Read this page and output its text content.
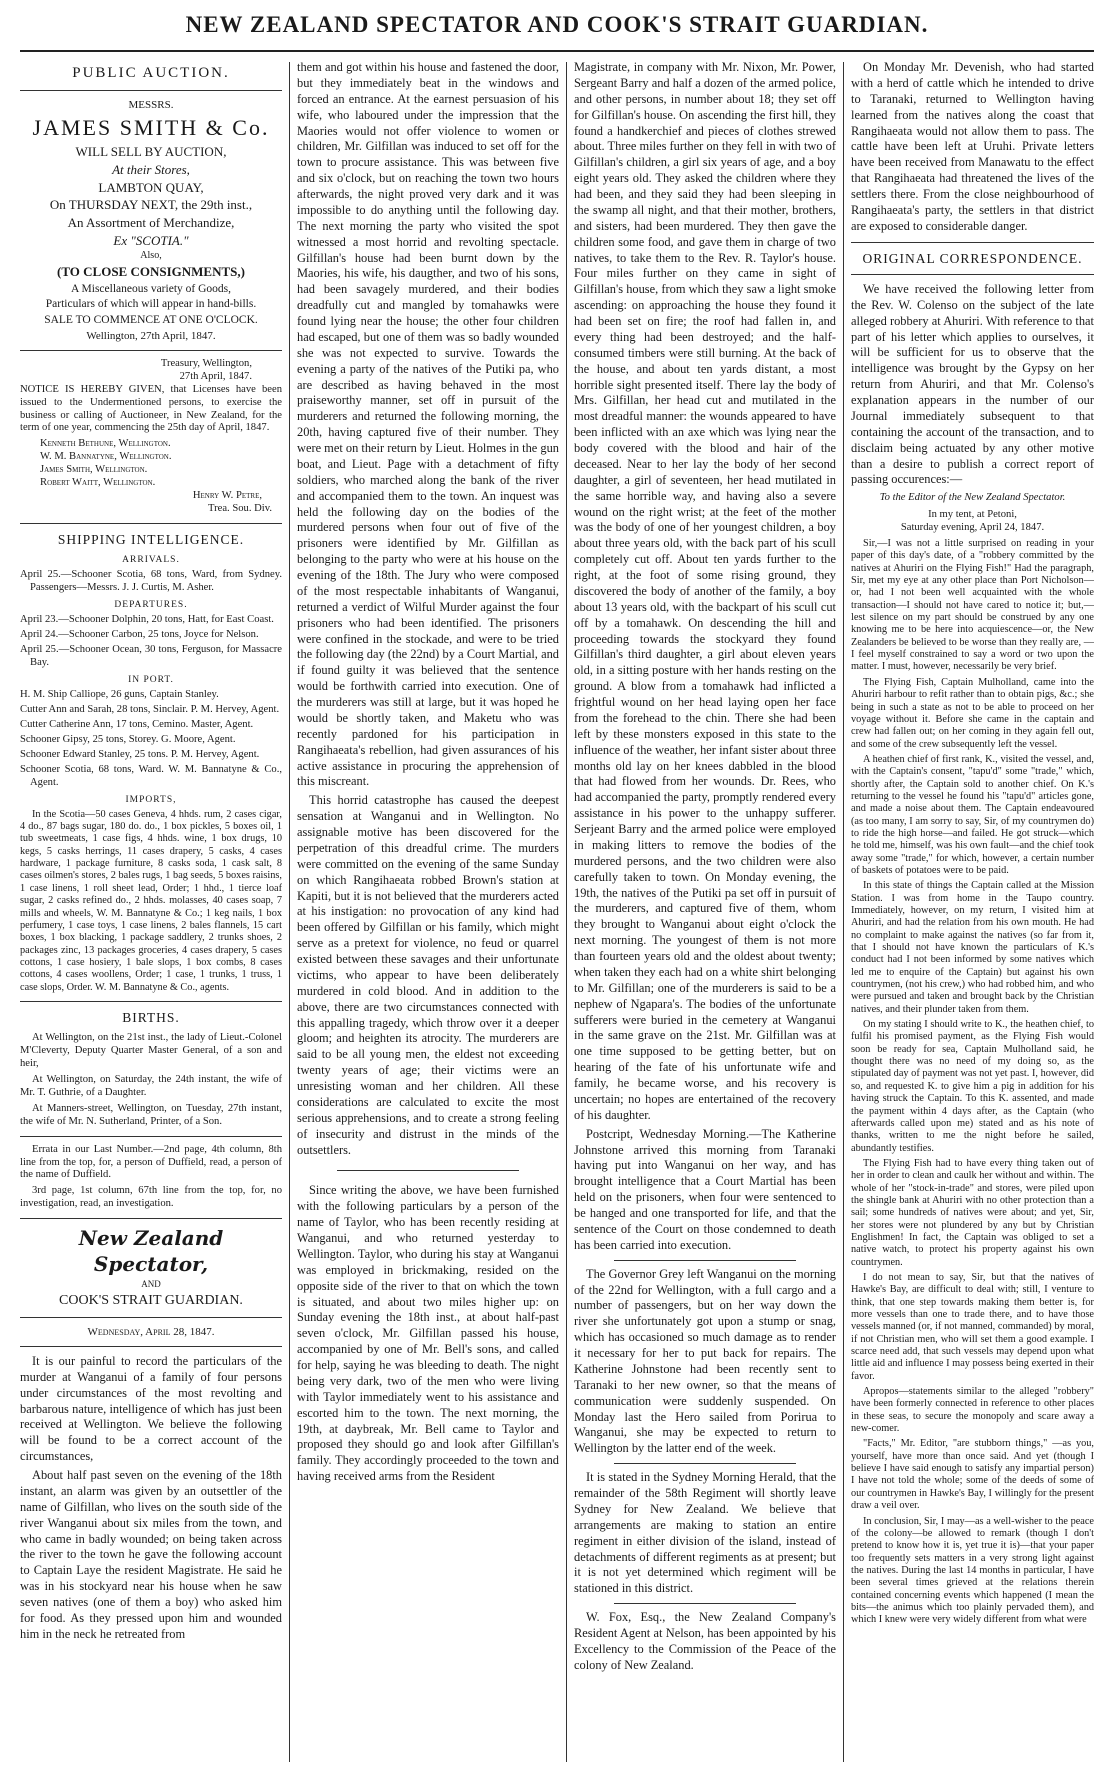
NEW ZEALAND SPECTATOR AND COOK'S STRAIT GUARDIAN.
PUBLIC AUCTION.
MESSRS.
JAMES SMITH & Co.
WILL SELL BY AUCTION,
At their Stores,
LAMBTON QUAY,
On THURSDAY NEXT, the 29th inst.,
An Assortment of Merchandize,
Ex "SCOTIA."
Also,
(TO CLOSE CONSIGNMENTS,)
A Miscellaneous variety of Goods,
Particulars of which will appear in hand-bills.
SALE TO COMMENCE AT ONE O'CLOCK.
Wellington, 27th April, 1847.
Treasury, Wellington,
27th April, 1847.

NOTICE IS HEREBY GIVEN, that Licenses have been issued to the Undermentioned persons, to exercise the business or calling of Auctioneer, in New Zealand, for the term of one year, commencing the 25th day of April, 1847.

Kenneth Bethune, Wellington.
W. M. Bannatyne, Wellington.
James Smith, Wellington.
Robert Waitt, Wellington.
Henry W. Petre,
Trea. Sou. Div.
SHIPPING INTELLIGENCE.
ARRIVALS.
April 25.—Schooner Scotia, 68 tons, Ward, from Sydney. Passengers—Messrs. J. J. Curtis, M. Asher.
DEPARTURES.
April 23.—Schooner Dolphin, 20 tons, Hatt, for East Coast.
April 24.—Schooner Carbon, 25 tons, Joyce for Nelson.
April 25.—Schooner Ocean, 30 tons, Ferguson, for Massacre Bay.
IN PORT.
H. M. Ship Calliope, 26 guns, Captain Stanley.
Cutter Ann and Sarah, 28 tons, Sinclair. P. M. Hervey, Agent.
Cutter Catherine Ann, 17 tons, Cemino. Master, Agent.
Schooner Gipsy, 25 tons, Storey. G. Moore, Agent.
Schooner Edward Stanley, 25 tons. P. M. Hervey, Agent.
Schooner Scotia, 68 tons, Ward. W. M. Bannatyne & Co., Agent.
IMPORTS,

In the Scotia—50 cases Geneva, 4 hhds. rum, 2 cases cigar, 4 do., 87 bags sugar, 180 do. do., 1 box pickles, 5 boxes oil, 1 tub sweetmeats, 1 case figs, 4 hhds. wine, 1 box drugs, 10 kegs, 5 casks herrings, 11 cases drapery, 5 casks, 4 cases hardware, 1 package furniture, 8 casks soda, 1 cask salt, 8 cases oilmen's stores, 2 bales rugs, 1 bag seeds, 5 boxes raisins, 1 case linens, 1 roll sheet lead, Order; 1 hhd., 1 tierce loaf sugar, 2 casks refined do., 2 hhds. molasses, 40 cases soap, 7 mills and wheels, W. M. Bannatyne & Co.; 1 keg nails, 1 box perfumery, 1 case toys, 1 case linens, 2 bales flannels, 15 cart boxes, 1 box blacking, 1 package saddlery, 2 trunks shoes, 2 packages zinc, 13 packages groceries, 4 cases drapery, 5 cases cottons, 1 case hosiery, 1 bale slops, 1 box combs, 8 cases cottons, 4 cases woollens, Order; 1 case, 1 trunks, 1 truss, 1 case slops, Order. W. M. Bannatyne & Co., agents.

BIRTHS.

At Wellington, on the 21st inst., the lady of Lieut.-Colonel M'Cleverty, Deputy Quarter Master General, of a son and heir,

At Wellington, on Saturday, the 24th instant, the wife of Mr. T. Guthrie, of a Daughter.

At Manners-street, Wellington, on Tuesday, 27th instant, the wife of Mr. N. Sutherland, Printer, of a Son.

Errata in our Last Number.—2nd page, 4th column, 8th line from the top, for, a person of Duffield, read, a person of the name of Duffield.

3rd page, 1st column, 67th line from the top, for, no investigation, read, an investigation.

New Zealand Spectator,
AND
COOK'S STRAIT GUARDIAN.
Wednesday, April 28, 1847.

It is our painful to record the particulars of the murder at Wanganui of a family of four persons under circumstances of the most revolting and barbarous nature, intelligence of which has just been received at Wellington. We believe the following will be found to be a correct account of the circumstances,

About half past seven on the evening of the 18th instant, an alarm was given by an outsettler of the name of Gilfillan, who lives on the south side of the river Wanganui about six miles from the town, and who came in badly wounded; on being taken across the river to the town he gave the following account to Captain Laye the resident Magistrate. He said he was in his stockyard near his house when he saw seven natives (one of them a boy) who asked him for food. As they pressed upon him and wounded him in the neck he retreated from

them and got within his house and fastened the door, but they immediately beat in the windows and forced an entrance. At the earnest persuasion of his wife, who laboured under the impression that the Maories would not offer violence to women or children, Mr. Gilfillan was induced to set off for the town to procure assistance. This was between five and six o'clock, but on reaching the town two hours afterwards, the night proved very dark and it was impossible to do anything until the following day. The next morning the party who visited the spot witnessed a most horrid and revolting spectacle. Gilfillan's house had been burnt down by the Maories, his wife, his daugther, and two of his sons, had been savagely murdered, and their bodies dreadfully cut and mangled by tomahawks were found lying near the house; the other four children had escaped, but one of them was so badly wounded she was not expected to survive. Towards the evening a party of the natives of the Putiki pa, who are described as having behaved in the most praiseworthy manner, set off in pursuit of the murderers and returned the following morning, the 20th, having captured five of their number. They were met on their return by Lieut. Holmes in the gun boat, and Lieut. Page with a detachment of fifty soldiers, who marched along the bank of the river and accompanied them to the town. An inquest was held the following day on the bodies of the murdered persons when four out of five of the prisoners were identified by Mr. Gilfillan as belonging to the party who were at his house on the evening of the 18th. The Jury who were composed of the most respectable inhabitants of Wanganui, returned a verdict of Wilful Murder against the four prisoners who had been identified. The prisoners were confined in the stockade, and were to be tried the following day (the 22nd) by a Court Martial, and if found guilty it was believed that the sentence would be forthwith carried into execution. One of the murderers was still at large, but it was hoped he would be shortly taken, and Maketu who was recently pardoned for his participation in Rangihaeata's rebellion, had given assurances of his active assistance in procuring the apprehension of this miscreant.

This horrid catastrophe has caused the deepest sensation at Wanganui and in Wellington. No assignable motive has been discovered for the perpetration of this dreadful crime. The murders were committed on the evening of the same Sunday on which Rangihaeata robbed Brown's station at Kapiti, but it is not believed that the murderers acted at his instigation: no provocation of any kind had been offered by Gilfillan or his family, which might serve as a pretext for violence, no feud or quarrel existed between these savages and their unfortunate victims, who appear to have been deliberately murdered in cold blood. And in addition to the above, there are two circumstances connected with this appalling tragedy, which throw over it a deeper gloom; and heighten its atrocity. The murderers are said to be all young men, the eldest not exceeding twenty years of age; their victims were an unresisting woman and her children. All these considerations are calculated to excite the most serious apprehensions, and to create a strong feeling of insecurity and distrust in the minds of the outsettlers.

Since writing the above, we have been furnished with the following particulars by a person of the name of Taylor, who has been recently residing at Wanganui, and who returned yesterday to Wellington. Taylor, who during his stay at Wanganui was employed in brickmaking, resided on the opposite side of the river to that on which the town is situated, and about two miles higher up: on Sunday evening the 18th inst., at about half-past seven o'clock, Mr. Gilfillan passed his house, accompanied by one of Mr. Bell's sons, and called for help, saying he was bleeding to death. The night being very dark, two of the men who were living with Taylor immediately went to his assistance and escorted him to the town. The next morning, the 19th, at daybreak, Mr. Bell came to Taylor and proposed they should go and look after Gilfillan's family. They accordingly proceeded to the town and having received arms from the Resident

Magistrate, in company with Mr. Nixon, Mr. Power, Sergeant Barry and half a dozen of the armed police, and other persons, in number about 18; they set off for Gilfillan's house. On ascending the first hill, they found a handkerchief and pieces of clothes strewed about. Three miles further on they fell in with two of Gilfillan's children, a girl six years of age, and a boy eight years old. They asked the children where they had been, and they said they had been sleeping in the swamp all night, and that their mother, brothers, and sisters, had been murdered. They then gave the children some food, and gave them in charge of two natives, to take them to the Rev. R. Taylor's house. Four miles further on they came in sight of Gilfillan's house, from which they saw a light smoke ascending: on approaching the house they found it had been set on fire; the roof had fallen in, and every thing had been destroyed; and the half-consumed timbers were still burning. At the back of the house, and about ten yards distant, a most horrible sight presented itself. There lay the body of Mrs. Gilfillan, her head cut and mutilated in the most dreadful manner: the wounds appeared to have been inflicted with an axe which was lying near the body covered with the blood and hair of the deceased. Near to her lay the body of her second daughter, a girl of seventeen, her head mutilated in the same horrible way, and having also a severe wound on the right wrist; at the feet of the mother was the body of one of her youngest children, a boy about three years old, with the back part of his scull completely cut off. About ten yards further to the right, at the foot of some rising ground, they discovered the body of another of the family, a boy about 13 years old, with the backpart of his scull cut off by a tomahawk. On descending the hill and proceeding towards the stockyard they found Gilfillan's third daughter, a girl about eleven years old, in a sitting posture with her hands resting on the ground. A blow from a tomahawk had inflicted a frightful wound on her head laying open her face from the forehead to the chin. There she had been left by these monsters exposed in this state to the influence of the weather, her infant sister about three months old lay on her knees dabbled in the blood that had flowed from her wounds. Dr. Rees, who had accompanied the party, promptly rendered every assistance in his power to the unhappy sufferer. Serjeant Barry and the armed police were employed in making litters to remove the bodies of the murdered persons, and the two children were also carefully taken to town. On Monday evening, the 19th, the natives of the Putiki pa set off in pursuit of the murderers, and captured five of them, whom they brought to Wanganui about eight o'clock the next morning. The youngest of them is not more than fourteen years old and the oldest about twenty; when taken they each had on a white shirt belonging to Mr. Gilfillan; one of the murderers is said to be a nephew of Ngapara's. The bodies of the unfortunate sufferers were buried in the cemetery at Wanganui in the same grave on the 21st. Mr. Gilfillan was at one time supposed to be getting better, but on hearing of the fate of his unfortunate wife and family, he became worse, and his recovery is uncertain; no hopes are entertained of the recovery of his daughter.

Postcript, Wednesday Morning.—The Katherine Johnstone arrived this morning from Taranaki having put into Wanganui on her way, and has brought intelligence that a Court Martial has been held on the prisoners, when four were sentenced to be hanged and one transported for life, and that the sentence of the Court on those condemned to death has been carried into execution.

The Governor Grey left Wanganui on the morning of the 22nd for Wellington, with a full cargo and a number of passengers, but on her way down the river she unfortunately got upon a stump or snag, which has occasioned so much damage as to render it necessary for her to put back for repairs. The Katherine Johnstone had been recently sent to Taranaki to her new owner, so that the means of communication were suddenly suspended. On Monday last the Hero sailed from Porirua to Wanganui, she may be expected to return to Wellington by the latter end of the week.

It is stated in the Sydney Morning Herald, that the remainder of the 58th Regiment will shortly leave Sydney for New Zealand. We believe that arrangements are making to station an entire regiment in either division of the island, instead of detachments of different regiments as at present; but it is not yet determined which regiment will be stationed in this district.

W. Fox, Esq., the New Zealand Company's Resident Agent at Nelson, has been appointed by his Excellency to the Commission of the Peace of the colony of New Zealand.

On Monday Mr. Devenish, who had started with a herd of cattle which he intended to drive to Taranaki, returned to Wellington having learned from the natives along the coast that Rangihaeata would not allow them to pass. The cattle have been left at Uruhi. Private letters have been received from Manawatu to the effect that Rangihaeata had threatened the lives of the settlers there. From the close neighbourhood of Rangihaeata's party, the settlers in that district are exposed to considerable danger.

ORIGINAL CORRESPONDENCE.

We have received the following letter from the Rev. W. Colenso on the subject of the late alleged robbery at Ahuriri. With reference to that part of his letter which applies to ourselves, it will be sufficient for us to observe that the intelligence was brought by the Gypsy on her return from Ahuriri, and that Mr. Colenso's explanation appears in the number of our Journal immediately subsequent to that containing the account of the transaction, and to disclaim being actuated by any other motive than a desire to publish a correct report of passing occurences:—

To the Editor of the New Zealand Spectator.
In my tent, at Petoni,
Saturday evening, April 24, 1847.

Sir,—I was not a little surprised on reading in your paper of this day's date, of a "robbery committed by the natives at Ahuriri on the Flying Fish!" Had the paragraph, Sir, met my eye at any other place than Port Nicholson—or, had I not been well acquainted with the whole transaction—I should not have cared to notice it; but,—lest silence on my part should be construed by any one knowing me to be here into acquiescence—or, the New Zealanders be believed to be worse than they really are, —I feel myself constrained to say a word or two upon the matter. I must, however, necessarily be very brief.

The Flying Fish, Captain Mulholland, came into the Ahuriri harbour to refit rather than to obtain pigs, &c.; she being in such a state as not to be able to proceed on her voyage without it. Before she came in the captain and crew had fallen out; on her coming in they again fell out, and some of the crew subsequently left the vessel.

A heathen chief of first rank, K., visited the vessel, and, with the Captain's consent, "tapu'd" some "trade," which, shortly after, the Captain sold to another chief. On K.'s returning to the vessel he found his "tapu'd" articles gone, and made a noise about them. The Captain endeavoured (as too many, I am sorry to say, Sir, of my countrymen do) to ride the high horse—and failed. He got struck—which he told me, himself, was his own fault—and the chief took away some "trade," for which, however, a certain number of baskets of potatoes were to be paid.

In this state of things the Captain called at the Mission Station. I was from home in the Taupo country. Immediately, however, on my return, I visited him at Ahuriri, and had the relation from his own mouth. He had no complaint to make against the natives (so far from it, that I should not have known the particulars of K.'s conduct had I not been informed by some natives which led me to enquire of the Captain) but against his own countrymen, (not his crew,) who had robbed him, and who were pursued and taken and brought back by the Christian natives, and their plunder taken from them.

On my stating I should write to K., the heathen chief, to fulfil his promised payment, as the Flying Fish would soon be ready for sea, Captain Mulholland said, he thought there was no need of my doing so, as the stipulated day of payment was not yet past. I, however, did so, and requested K. to give him a pig in addition for his having struck the Captain. To this K. assented, and made the payment within 4 days after, as the Captain (who afterwards called upon me) stated and as his note of thanks, written to me the night before he sailed, abundantly testifies.

The Flying Fish had to have every thing taken out of her in order to clean and caulk her without and within. The whole of her "stock-in-trade" and stores, were piled upon the shingle bank at Ahuriri with no other protection than a sail; some hundreds of natives were about; and yet, Sir, her stores were not plundered by any but by Christian Englishmen! In fact, the Captain was obliged to set a native watch, to protect his property against his own countrymen.

I do not mean to say, Sir, but that the natives of Hawke's Bay, are difficult to deal with; still, I venture to think, that one step towards making them better is, for more vessels than one to trade there, and to have those vessels manned (or, if not manned, commanded) by moral, if not Christian men, who will set them a good example. I scarce need add, that such vessels may depend upon what little aid and influence I may possess being exerted in their favor.

Apropos—statements similar to the alleged "robbery" have been formerly connected in reference to other places in these seas, to secure the monopoly and scare away a new-comer.

"Facts," Mr. Editor, "are stubborn things," —as you, yourself, have more than once said. And yet (though I believe I have said enough to satisfy any impartial person) I have not told the whole; some of the deeds of some of our countrymen in Hawke's Bay, I willingly for the present draw a veil over.

In conclusion, Sir, I may—as a well-wisher to the peace of the colony—be allowed to remark (though I don't pretend to know how it is, yet true it is)—that your paper too frequently sets matters in a very strong light against the natives. During the last 14 months in particular, I have been several times grieved at the relations therein contained concerning events which happened (I mean the bits—the animus which too plainly pervaded them), and which I knew were very widely different from what were
